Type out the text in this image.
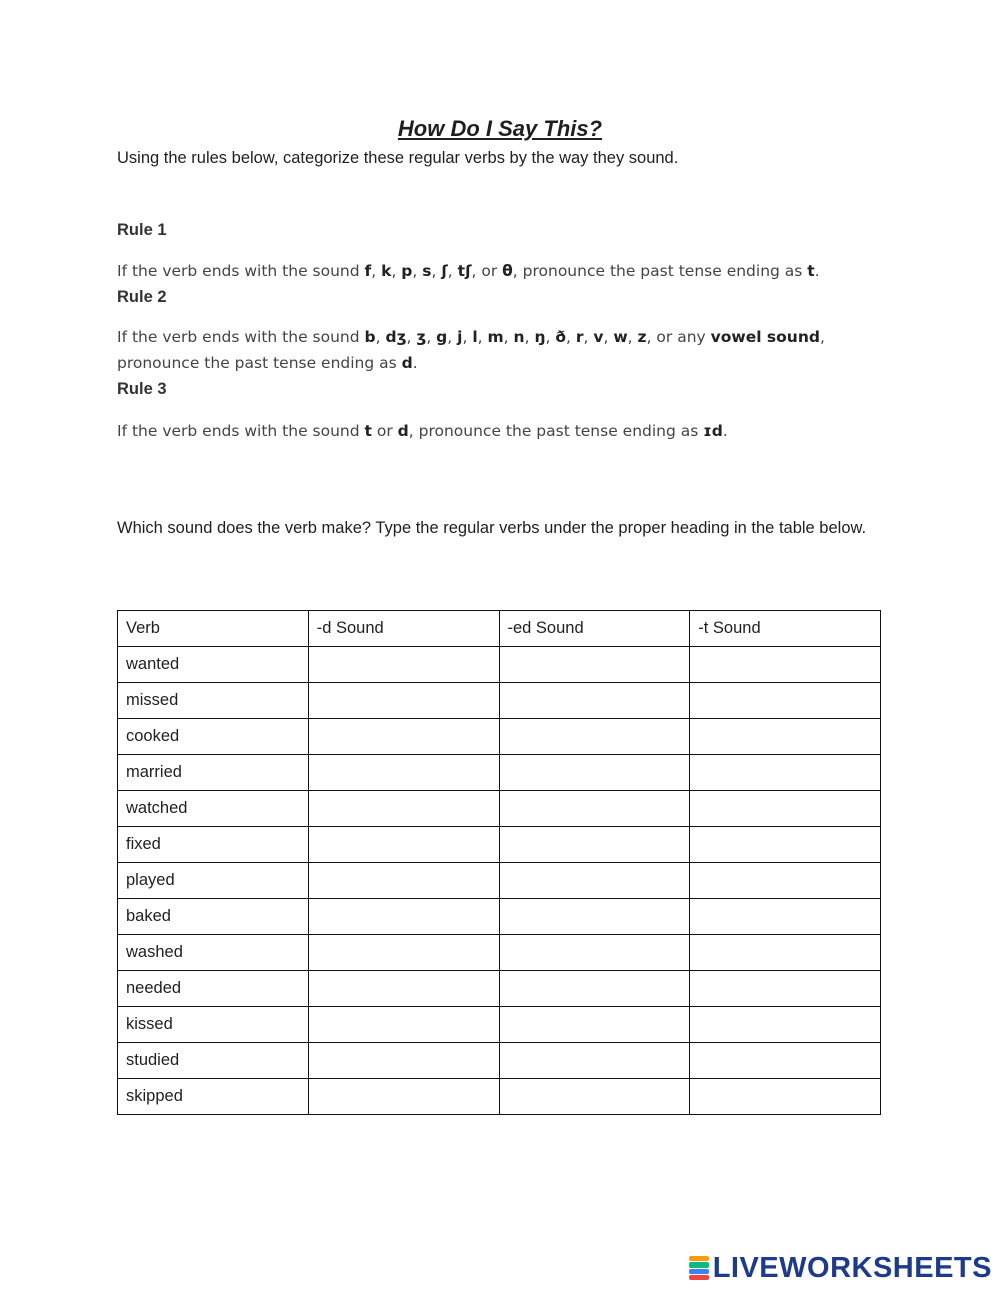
How Do I Say This?

Using the rules below, categorize these regular verbs by the way they sound.

Rule 1

If the verb ends with the sound f, k, p, s, ʃ, tʃ, or θ, pronounce the past tense ending as t.

Rule 2

If the verb ends with the sound b, dʒ, ʒ, g, j, l, m, n, ŋ, ð, r, v, w, z, or any vowel sound, pronounce the past tense ending as d.

Rule 3

If the verb ends with the sound t or d, pronounce the past tense ending as ɪd.

Which sound does the verb make? Type the regular verbs under the proper heading in the table below.

Verb	-d Sound	-ed Sound	-t Sound
wanted			
missed			
cooked			
married			
watched			
fixed			
played			
baked			
washed			
needed			
kissed			
studied			
skipped			
LIVEWORKSHEETS
